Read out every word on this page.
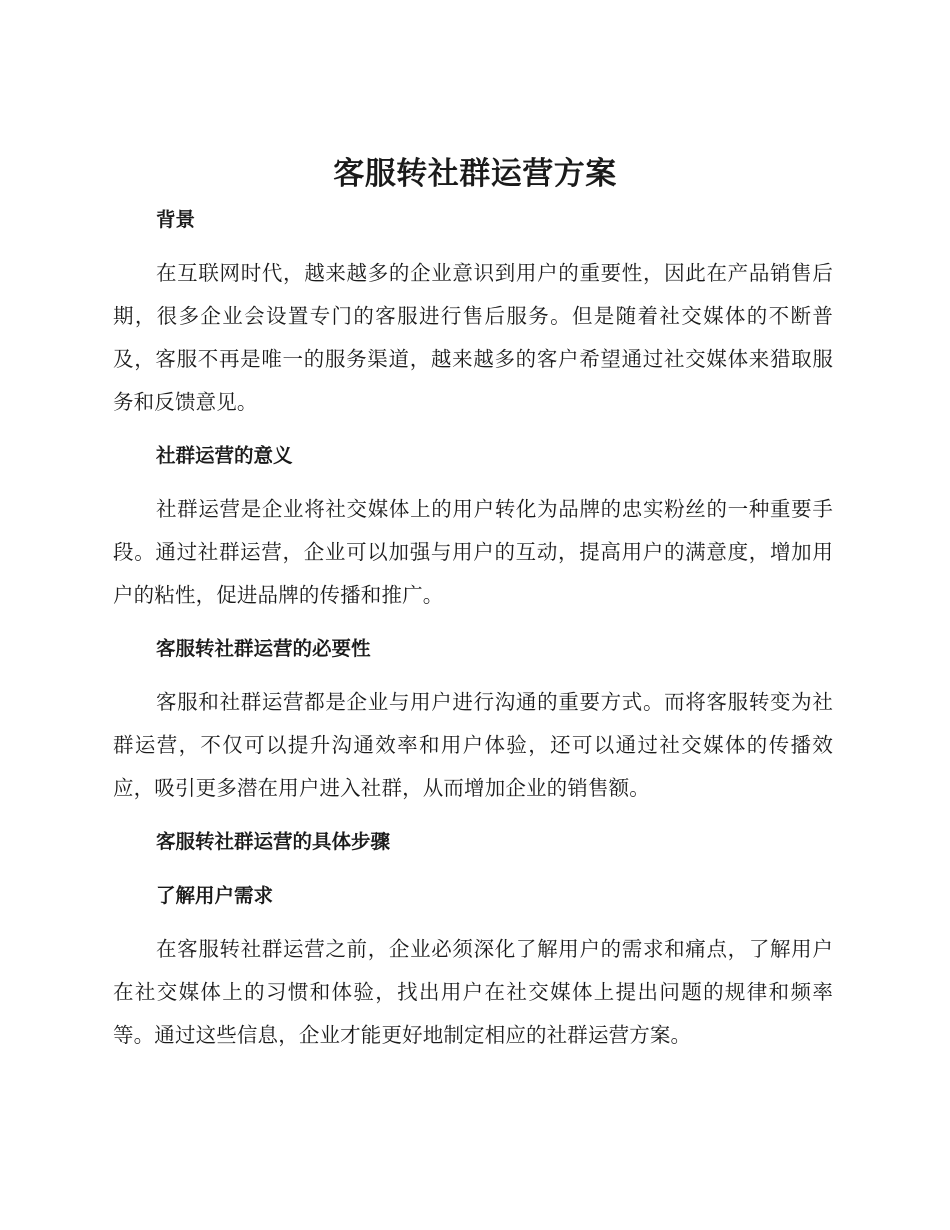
客服转社群运营方案
背景

在互联网时代，越来越多的企业意识到用户的重要性，因此在产品销售后期，很多企业会设置专门的客服进行售后服务。但是随着社交媒体的不断普及，客服不再是唯一的服务渠道，越来越多的客户希望通过社交媒体来猎取服务和反馈意见。

社群运营的意义

社群运营是企业将社交媒体上的用户转化为品牌的忠实粉丝的一种重要手段。通过社群运营，企业可以加强与用户的互动，提高用户的满意度，增加用户的粘性，促进品牌的传播和推广。

客服转社群运营的必要性

客服和社群运营都是企业与用户进行沟通的重要方式。而将客服转变为社群运营，不仅可以提升沟通效率和用户体验，还可以通过社交媒体的传播效应，吸引更多潜在用户进入社群，从而增加企业的销售额。

客服转社群运营的具体步骤
了解用户需求

在客服转社群运营之前，企业必须深化了解用户的需求和痛点，了解用户在社交媒体上的习惯和体验，找出用户在社交媒体上提出问题的规律和频率等。通过这些信息，企业才能更好地制定相应的社群运营方案。
